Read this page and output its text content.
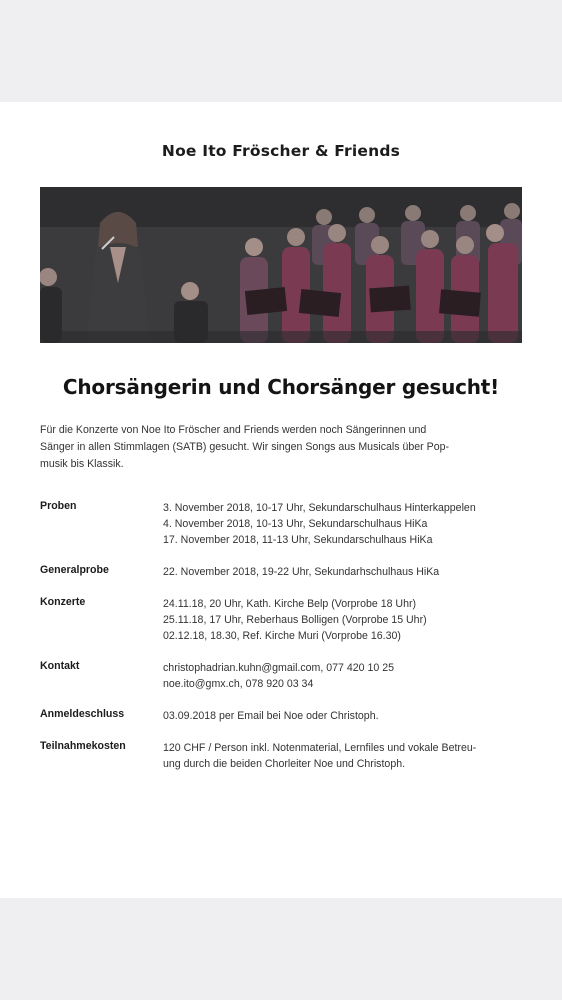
Noe Ito Fröscher & Friends
Chorsängerin und Chorsänger gesucht!
Für die Konzerte von Noe Ito Fröscher and Friends werden noch Sängerinnen und
Sänger in allen Stimmlagen (SATB) gesucht. Wir singen Songs aus Musicals über Pop-
musik bis Klassik.
Proben	3. November 2018, 10-17 Uhr, Sekundarschulhaus Hinterkappelen
4. November 2018, 10-13 Uhr, Sekundarschulhaus HiKa
17. November 2018, 11-13 Uhr, Sekundarschulhaus HiKa
Generalprobe	22. November 2018, 19-22 Uhr, Sekundarhschulhaus HiKa
Konzerte	24.11.18, 20 Uhr, Kath. Kirche Belp (Vorprobe 18 Uhr)
25.11.18, 17 Uhr, Reberhaus Bolligen (Vorprobe 15 Uhr)
02.12.18, 18.30, Ref. Kirche Muri (Vorprobe 16.30)
Kontakt	christophadrian.kuhn@gmail.com, 077 420 10 25
noe.ito@gmx.ch, 078 920 03 34
Anmeldeschluss	03.09.2018 per Email bei Noe oder Christoph.
Teilnahmekosten	120 CHF / Person inkl. Notenmaterial, Lernfiles und vokale Betreu-
ung durch die beiden Chorleiter Noe und Christoph.
